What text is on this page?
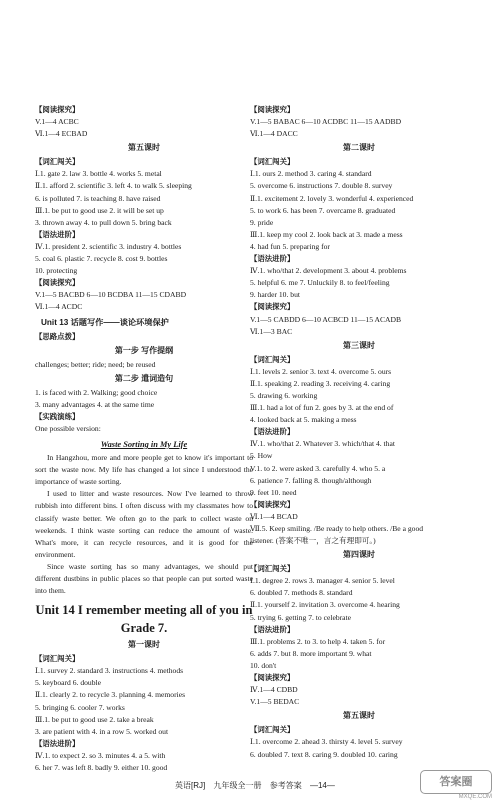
【阅读探究】
V.1—4 ACBC
Ⅵ.1—4 ECBAD
第五课时
【词汇闯关】
Ⅰ.1. gate 2. law 3. bottle 4. works 5. metal
Ⅱ.1. afford 2. scientific 3. left 4. to walk 5. sleeping
6. is polluted 7. is teaching 8. have raised
Ⅲ.1. be put to good use 2. it will be set up
3. thrown away 4. to pull down 5. bring back
【语法进阶】
Ⅳ.1. president 2. scientific 3. industry 4. bottles
5. coal 6. plastic 7. recycle 8. cost 9. bottles
10. protecting
【阅读探究】
V.1—5 BACBD 6—10 BCDBA 11—15 CDABD
Ⅵ.1—4 ACDC
Unit 13 话题写作——谈论环境保护
【思路点拨】
第一步 写作提纲
challenges; better; ride; need; be reused
第二步 遣词造句
1. is faced with 2. Walking; good choice
3. many advantages 4. at the same time
【实践演练】
One possible version:
Waste Sorting in My Life
In Hangzhou, more and more people get to know it's important to sort the waste now. My life has changed a lot since I understood the importance of waste sorting.
I used to litter and waste resources. Now I've learned to throw rubbish into different bins. I often discuss with my classmates how to classify waste better. We often go to the park to collect waste on weekends. I think waste sorting can reduce the amount of waste. What's more, it can recycle resources, and it is good for the environment.
Since waste sorting has so many advantages, we should put different dustbins in public places so that people can put sorted waste into them.
Unit 14 I remember meeting all of you in Grade 7.
第一课时
【词汇闯关】
Ⅰ.1. survey 2. standard 3. instructions 4. methods
5. keyboard 6. double
Ⅱ.1. clearly 2. to recycle 3. planning 4. memories
5. bringing 6. cooler 7. works
Ⅲ.1. be put to good use 2. take a break
3. are patient with 4. in a row 5. worked out
【语法进阶】
Ⅳ.1. to expect 2. so 3. minutes 4. a 5. with
6. her 7. was left 8. badly 9. either 10. good
【阅读探究】
V.1—5 BABAC 6—10 ACDBC 11—15 AADBD
Ⅵ.1—4 DACC
第二课时
【词汇闯关】
Ⅰ.1. ours 2. method 3. caring 4. standard
5. overcome 6. instructions 7. double 8. survey
Ⅱ.1. excitement 2. lovely 3. wonderful 4. experienced
5. to work 6. has been 7. overcame 8. graduated
9. pride
Ⅲ.1. keep my cool 2. look back at 3. made a mess
4. had fun 5. preparing for
【语法进阶】
Ⅳ.1. who/that 2. development 3. about 4. problems
5. helpful 6. me 7. Unluckily 8. to feel/feeling
9. harder 10. but
【阅读探究】
V.1—5 CABDD 6—10 ACBCD 11—15 ACADB
Ⅵ.1—3 BAC
第三课时
【词汇闯关】
Ⅰ.1. levels 2. senior 3. text 4. overcome 5. ours
Ⅱ.1. speaking 2. reading 3. receiving 4. caring
5. drawing 6. working
Ⅲ.1. had a lot of fun 2. goes by 3. at the end of
4. looked back at 5. making a mess
【语法进阶】
Ⅳ.1. who/that 2. Whatever 3. which/that 4. that
5. How
V.1. to 2. were asked 3. carefully 4. who 5. a
6. patience 7. falling 8. though/although
9. feet 10. need
【阅读探究】
Ⅵ.1—4 BCAD
Ⅶ.5. Keep smiling. /Be ready to help others. /Be a good
listener. (答案不唯一，言之有理即可。)
第四课时
【词汇闯关】
Ⅰ.1. degree 2. rows 3. manager 4. senior 5. level
6. doubled 7. methods 8. standard
Ⅱ.1. yourself 2. invitation 3. overcome 4. hearing
5. trying 6. getting 7. to celebrate
【语法进阶】
Ⅲ.1. problems 2. to 3. to help 4. taken 5. for
6. adds 7. but 8. more important 9. what
10. don't
【阅读探究】
Ⅳ.1—4 CDBD
V.1—5 BEDAC
第五课时
【词汇闯关】
Ⅰ.1. overcome 2. ahead 3. thirsty 4. level 5. survey
6. doubled 7. text 8. caring 9. doubled 10. caring
英语[RJ] 九年级全一册 参考答案 —14—	答案圈
MXQE.COM
